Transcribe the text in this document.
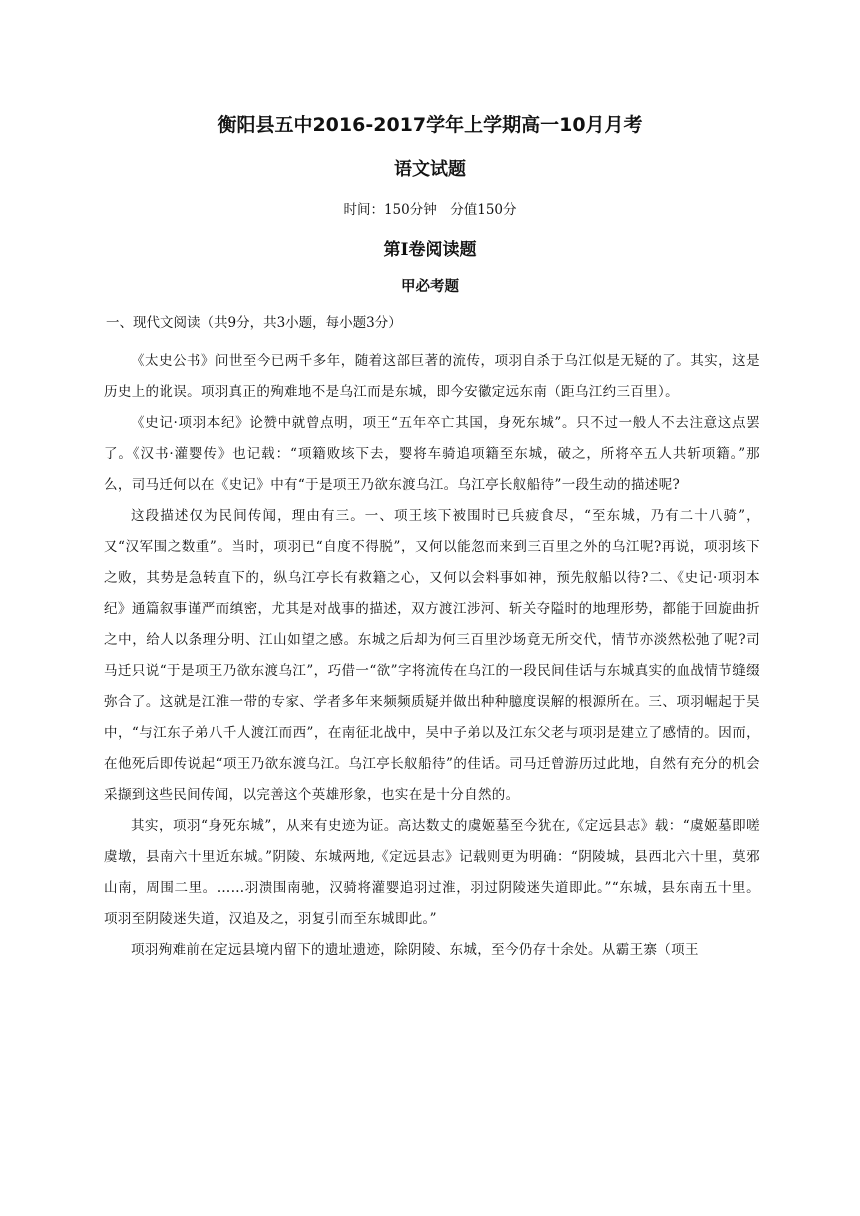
衡阳县五中2016-2017学年上学期高一10月月考
语文试题

时间：150分钟　分值150分

第Ⅰ卷阅读题
甲必考题

一、现代文阅读（共9分，共3小题，每小题3分）

《太史公书》问世至今已两千多年，随着这部巨著的流传，项羽自杀于乌江似是无疑的了。其实，这是历史上的讹误。项羽真正的殉难地不是乌江而是东城，即今安徽定远东南（距乌江约三百里）。

《史记·项羽本纪》论赞中就曾点明，项王“五年卒亡其国，身死东城”。只不过一般人不去注意这点罢了。《汉书·灌婴传》也记载：“项籍败垓下去，婴将车骑追项籍至东城，破之，所将卒五人共斩项籍。”那么，司马迁何以在《史记》中有“于是项王乃欲东渡乌江。乌江亭长舣船待”一段生动的描述呢?

这段描述仅为民间传闻，理由有三。一、项王垓下被围时已兵疲食尽，“至东城，乃有二十八骑”，又“汉军围之数重”。当时，项羽已“自度不得脱”，又何以能忽而来到三百里之外的乌江呢?再说，项羽垓下之败，其势是急转直下的，纵乌江亭长有救籍之心，又何以会料事如神，预先舣船以待?二、《史记·项羽本纪》通篇叙事谨严而缜密，尤其是对战事的描述，双方渡江涉河、斩关夺隘时的地理形势，都能于回旋曲折之中，给人以条理分明、江山如望之感。东城之后却为何三百里沙场竟无所交代，情节亦淡然松弛了呢?司马迁只说“于是项王乃欲东渡乌江”，巧借一“欲”字将流传在乌江的一段民间佳话与东城真实的血战情节缝缀弥合了。这就是江淮一带的专家、学者多年来频频质疑并做出种种臆度误解的根源所在。三、项羽崛起于吴中，“与江东子弟八千人渡江而西”，在南征北战中，吴中子弟以及江东父老与项羽是建立了感情的。因而，在他死后即传说起“项王乃欲东渡乌江。乌江亭长舣船待”的佳话。司马迁曾游历过此地，自然有充分的机会采撷到这些民间传闻，以完善这个英雄形象，也实在是十分自然的。

其实，项羽“身死东城”，从来有史迹为证。高达数丈的虞姬墓至今犹在,《定远县志》载：“虞姬墓即嗟虞墩，县南六十里近东城。”阴陵、东城两地,《定远县志》记载则更为明确：“阴陵城，县西北六十里，莫邪山南，周围二里。……羽溃围南驰，汉骑将灌婴追羽过淮，羽过阴陵迷失道即此。”“东城，县东南五十里。项羽至阴陵迷失道，汉追及之，羽复引而至东城即此。”

项羽殉难前在定远县境内留下的遗址遗迹，除阴陵、东城，至今仍存十余处。从霸王寨（项王
